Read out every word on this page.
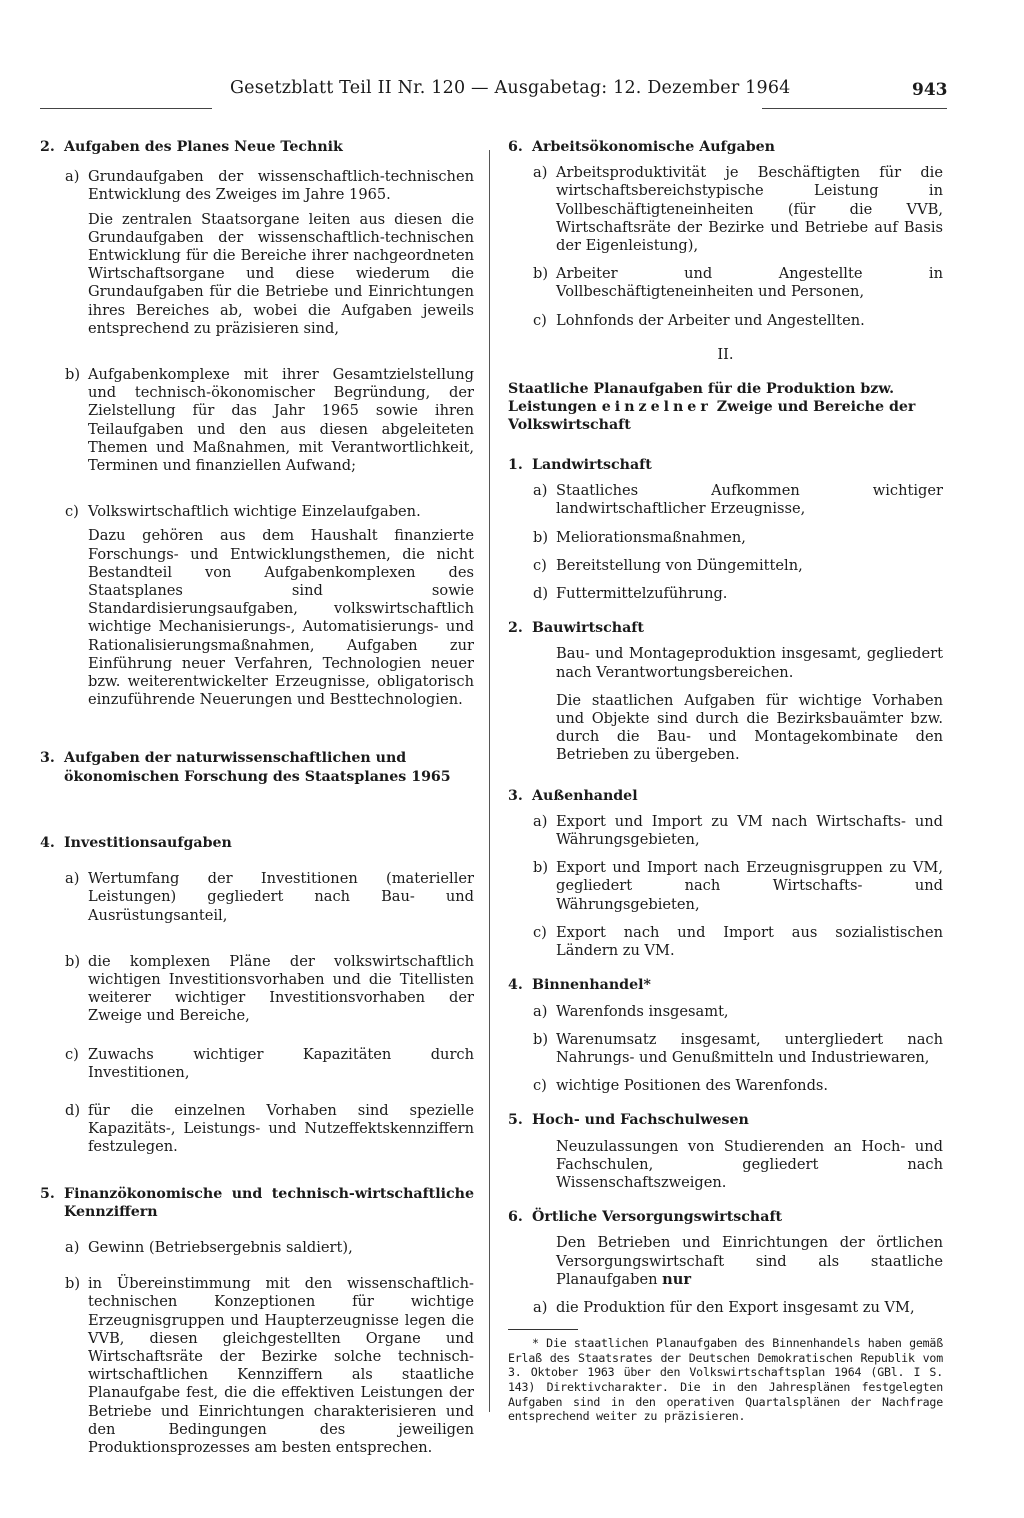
Gesetzblatt Teil II Nr. 120 — Ausgabetag: 12. Dezember 1964	943
2. Aufgaben des Planes Neue Technik
a) Grundaufgaben der wissenschaftlich-technischen Entwicklung des Zweiges im Jahre 1965.
Die zentralen Staatsorgane leiten aus diesen die Grundaufgaben der wissenschaftlich-technischen Entwicklung für die Bereiche ihrer nachgeordneten Wirtschaftsorgane und diese wiederum die Grundaufgaben für die Betriebe und Einrichtungen ihres Bereiches ab, wobei die Aufgaben jeweils entsprechend zu präzisieren sind,
b) Aufgabenkomplexe mit ihrer Gesamtzielstellung und technisch-ökonomischer Begründung, der Zielstellung für das Jahr 1965 sowie ihren Teilaufgaben und den aus diesen abgeleiteten Themen und Maßnahmen, mit Verantwortlichkeit, Terminen und finanziellen Aufwand;
c) Volkswirtschaftlich wichtige Einzelaufgaben.
Dazu gehören aus dem Haushalt finanzierte Forschungs- und Entwicklungsthemen, die nicht Bestandteil von Aufgabenkomplexen des Staatsplanes sind sowie Standardisierungsaufgaben, volkswirtschaftlich wichtige Mechanisierungs-, Automatisierungs- und Rationalisierungsmaßnahmen, Aufgaben zur Einführung neuer Verfahren, Technologien neuer bzw. weiterentwickelter Erzeugnisse, obligatorisch einzuführende Neuerungen und Besttechnologien.
3. Aufgaben der naturwissenschaftlichen und ökonomischen Forschung des Staatsplanes 1965
4. Investitionsaufgaben
a) Wertumfang der Investitionen (materieller Leistungen) gegliedert nach Bau- und Ausrüstungsanteil,
b) die komplexen Pläne der volkswirtschaftlich wichtigen Investitionsvorhaben und die Titellisten weiterer wichtiger Investitionsvorhaben der Zweige und Bereiche,
c) Zuwachs wichtiger Kapazitäten durch Investitionen,
d) für die einzelnen Vorhaben sind spezielle Kapazitäts-, Leistungs- und Nutzeffektskennziffern festzulegen.
5. Finanzökonomische und technisch-wirtschaftliche Kennziffern
a) Gewinn (Betriebsergebnis saldiert),
b) in Übereinstimmung mit den wissenschaftlich-technischen Konzeptionen für wichtige Erzeugnisgruppen und Haupterzeugnisse legen die VVB, diesen gleichgestellten Organe und Wirtschaftsräte der Bezirke solche technisch-wirtschaftlichen Kennziffern als staatliche Planaufgabe fest, die die effektiven Leistungen der Betriebe und Einrichtungen charakterisieren und den Bedingungen des jeweiligen Produktionsprozesses am besten entsprechen.
6. Arbeitsökonomische Aufgaben
a) Arbeitsproduktivität je Beschäftigten für die wirtschaftsbereichstypische Leistung in Vollbeschäftigteneinheiten (für die VVB, Wirtschaftsräte der Bezirke und Betriebe auf Basis der Eigenleistung),
b) Arbeiter und Angestellte in Vollbeschäftigteneinheiten und Personen,
c) Lohnfonds der Arbeiter und Angestellten.
II.
Staatliche Planaufgaben für die Produktion bzw. Leistungen einzelner Zweige und Bereiche der Volkswirtschaft
1. Landwirtschaft
a) Staatliches Aufkommen wichtiger landwirtschaftlicher Erzeugnisse,
b) Meliorationsmaßnahmen,
c) Bereitstellung von Düngemitteln,
d) Futtermittelzuführung.
2. Bauwirtschaft
Bau- und Montageproduktion insgesamt, gegliedert nach Verantwortungsbereichen.
Die staatlichen Aufgaben für wichtige Vorhaben und Objekte sind durch die Bezirksbauämter bzw. durch die Bau- und Montagekombinate den Betrieben zu übergeben.
3. Außenhandel
a) Export und Import zu VM nach Wirtschafts- und Währungsgebieten,
b) Export und Import nach Erzeugnisgruppen zu VM, gegliedert nach Wirtschafts- und Währungsgebieten,
c) Export nach und Import aus sozialistischen Ländern zu VM.
4. Binnenhandel*
a) Warenfonds insgesamt,
b) Warenumsatz insgesamt, untergliedert nach Nahrungs- und Genußmitteln und Industriewaren,
c) wichtige Positionen des Warenfonds.
5. Hoch- und Fachschulwesen
Neuzulassungen von Studierenden an Hoch- und Fachschulen, gegliedert nach Wissenschaftszweigen.
6. Örtliche Versorgungswirtschaft
Den Betrieben und Einrichtungen der örtlichen Versorgungswirtschaft sind als staatliche Planaufgaben nur
a) die Produktion für den Export insgesamt zu VM,
* Die staatlichen Planaufgaben des Binnenhandels haben gemäß Erlaß des Staatsrates der Deutschen Demokratischen Republik vom 3. Oktober 1963 über den Volkswirtschaftsplan 1964 (GBl. I S. 143) Direktivcharakter. Die in den Jahresplänen festgelegten Aufgaben sind in den operativen Quartalsplänen der Nachfrage entsprechend weiter zu präzisieren.
